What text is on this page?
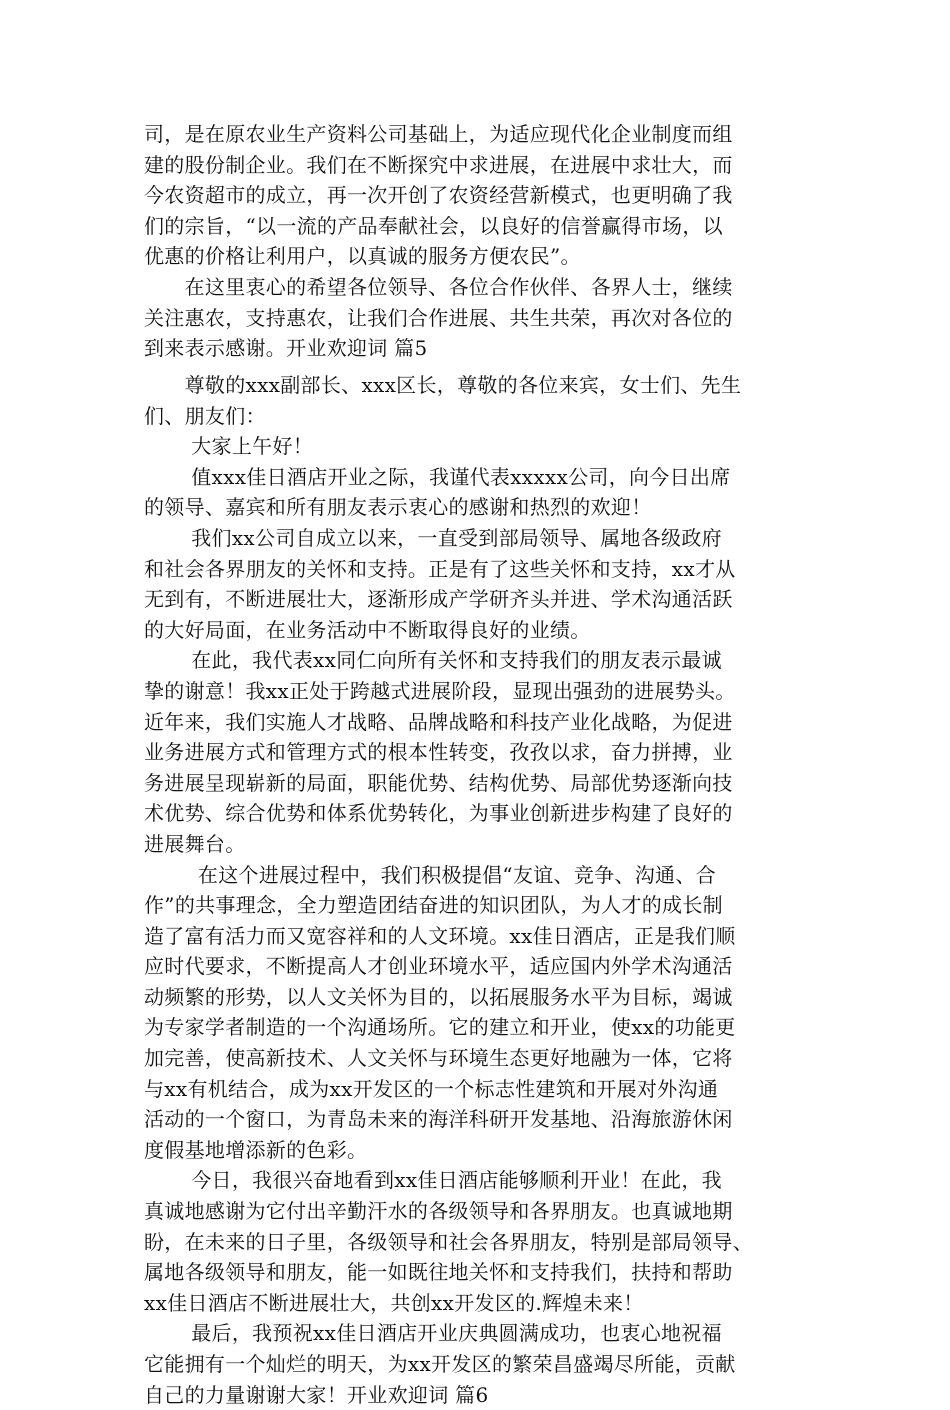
司，是在原农业生产资料公司基础上，为适应现代化企业制度而组
建的股份制企业。我们在不断探究中求进展，在进展中求壮大，而
今农资超市的成立，再一次开创了农资经营新模式，也更明确了我
们的宗旨，“以一流的产品奉献社会，以良好的信誉赢得市场，以
优惠的价格让利用户，以真诚的服务方便农民”。
　　在这里衷心的希望各位领导、各位合作伙伴、各界人士，继续
关注惠农，支持惠农，让我们合作进展、共生共荣，再次对各位的
到来表示感谢。开业欢迎词 篇5
　　尊敬的xxx副部长、xxx区长，尊敬的各位来宾，女士们、先生
们、朋友们：
　　 大家上午好！
　　 值xxx佳日酒店开业之际，我谨代表xxxxx公司，向今日出席
的领导、嘉宾和所有朋友表示衷心的感谢和热烈的欢迎！
　　 我们xx公司自成立以来，一直受到部局领导、属地各级政府
和社会各界朋友的关怀和支持。正是有了这些关怀和支持，xx才从
无到有，不断进展壮大，逐渐形成产学研齐头并进、学术沟通活跃
的大好局面，在业务活动中不断取得良好的业绩。
　　 在此，我代表xx同仁向所有关怀和支持我们的朋友表示最诚
挚的谢意！我xx正处于跨越式进展阶段，显现出强劲的进展势头。
近年来，我们实施人才战略、品牌战略和科技产业化战略，为促进
业务进展方式和管理方式的根本性转变，孜孜以求，奋力拼搏，业
务进展呈现崭新的局面，职能优势、结构优势、局部优势逐渐向技
术优势、综合优势和体系优势转化，为事业创新进步构建了良好的
进展舞台。
　　  在这个进展过程中，我们积极提倡“友谊、竞争、沟通、合
作”的共事理念，全力塑造团结奋进的知识团队，为人才的成长制
造了富有活力而又宽容祥和的人文环境。xx佳日酒店，正是我们顺
应时代要求，不断提高人才创业环境水平，适应国内外学术沟通活
动频繁的形势，以人文关怀为目的，以拓展服务水平为目标，竭诚
为专家学者制造的一个沟通场所。它的建立和开业，使xx的功能更
加完善，使高新技术、人文关怀与环境生态更好地融为一体，它将
与xx有机结合，成为xx开发区的一个标志性建筑和开展对外沟通
活动的一个窗口，为青岛未来的海洋科研开发基地、沿海旅游休闲
度假基地增添新的色彩。
　　 今日，我很兴奋地看到xx佳日酒店能够顺利开业！在此，我
真诚地感谢为它付出辛勤汗水的各级领导和各界朋友。也真诚地期
盼，在未来的日子里，各级领导和社会各界朋友，特别是部局领导、
属地各级领导和朋友，能一如既往地关怀和支持我们，扶持和帮助
xx佳日酒店不断进展壮大，共创xx开发区的.辉煌未来！
　　 最后，我预祝xx佳日酒店开业庆典圆满成功，也衷心地祝福
它能拥有一个灿烂的明天，为xx开发区的繁荣昌盛竭尽所能，贡献
自己的力量谢谢大家！开业欢迎词 篇6
